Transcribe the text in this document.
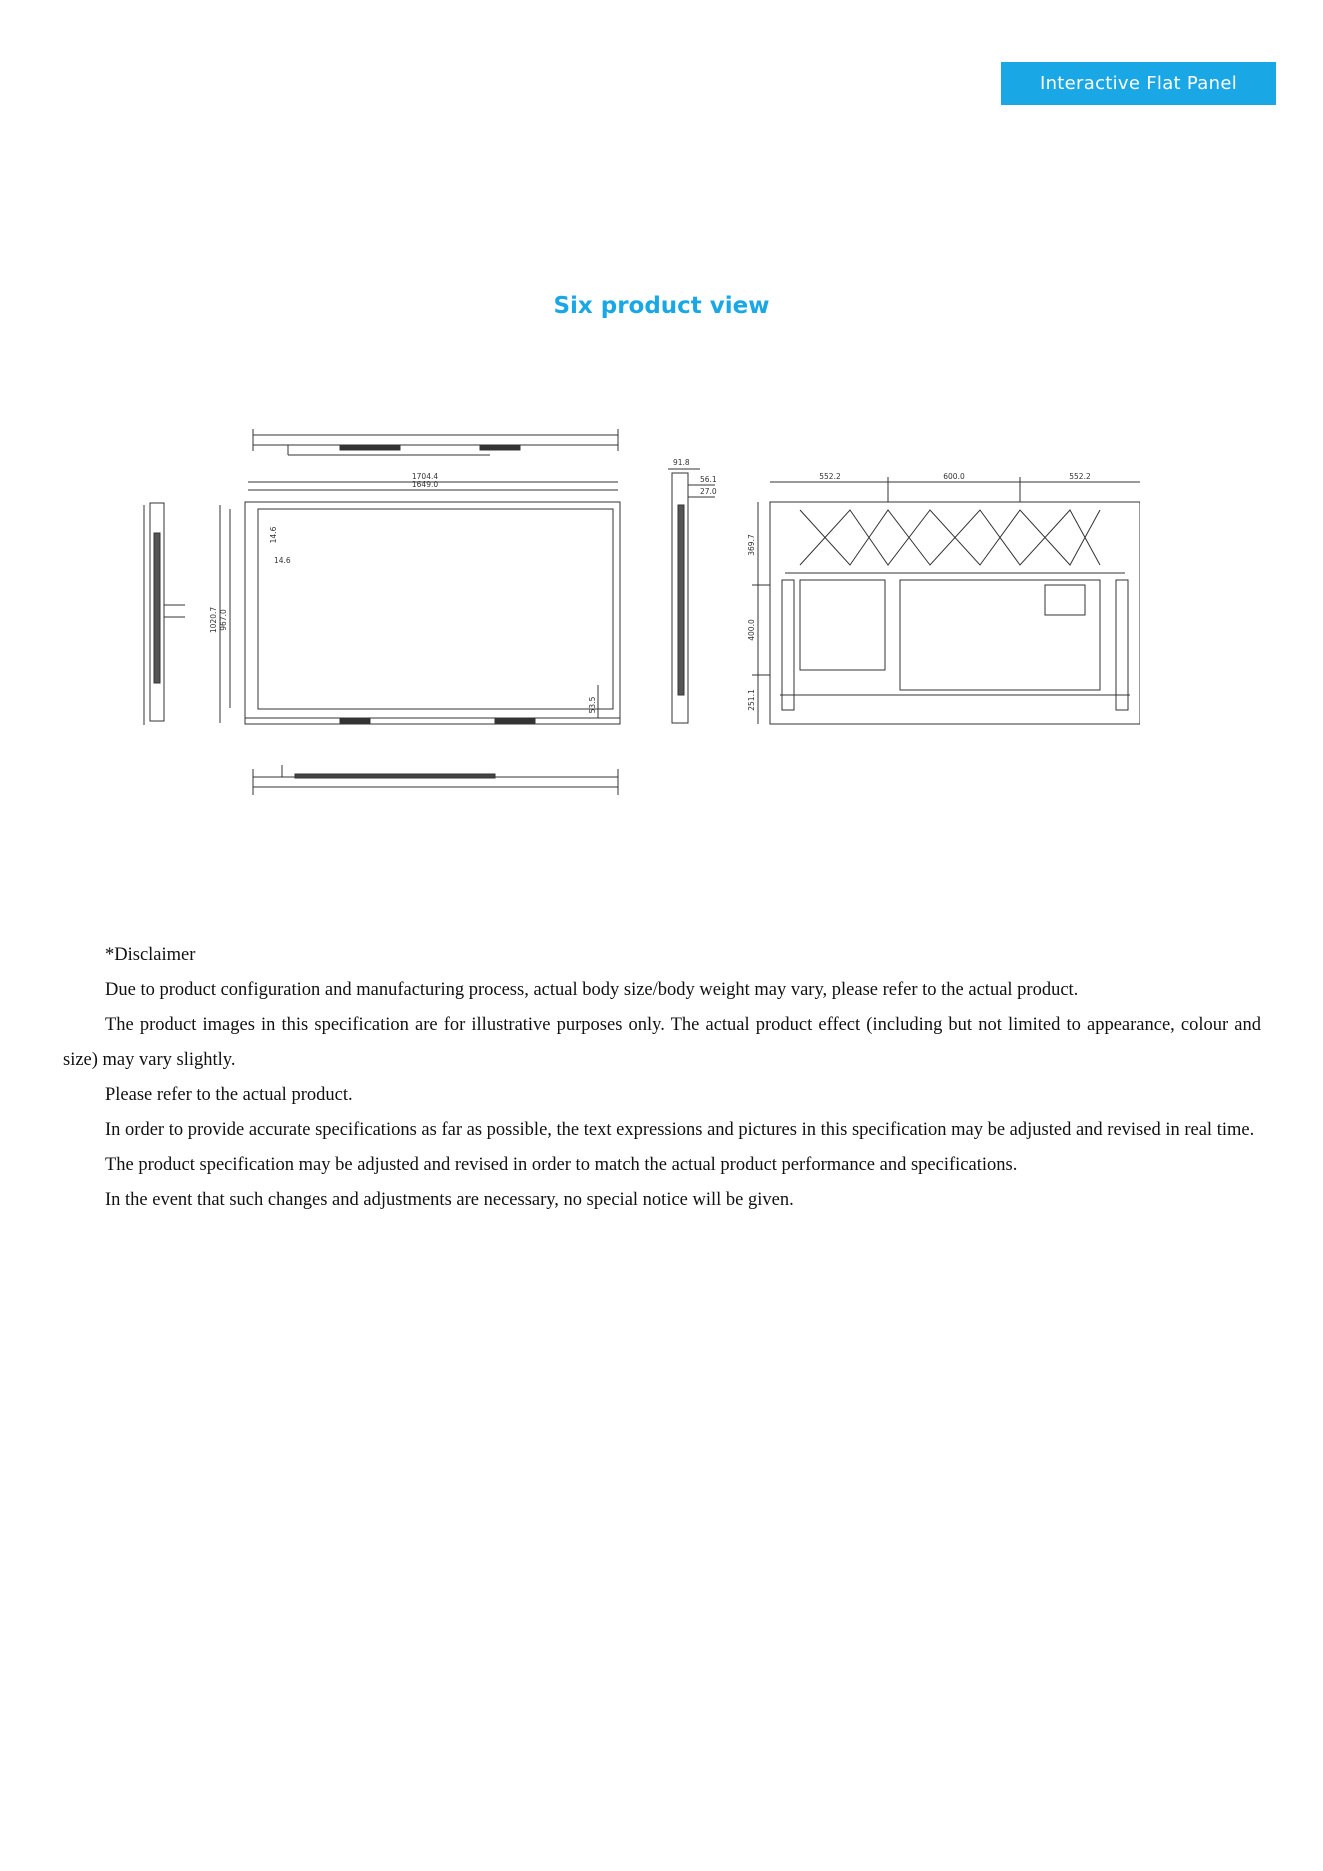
Interactive Flat Panel
Six product view
1704.4
1649.0
1020.7 967.0
14.6
14.6
53.5
91.8
56.1
27.0
552.2	600.0	552.2
369.7
400.0
251.1

*Disclaimer

Due to product configuration and manufacturing process, actual body size/body weight may vary, please refer to the actual product.

The product images in this specification are for illustrative purposes only. The actual product effect (including but not limited to appearance, colour and size) may vary slightly.

Please refer to the actual product.

In order to provide accurate specifications as far as possible, the text expressions and pictures in this specification may be adjusted and revised in real time.

The product specification may be adjusted and revised in order to match the actual product performance and specifications.

In the event that such changes and adjustments are necessary, no special notice will be given.
